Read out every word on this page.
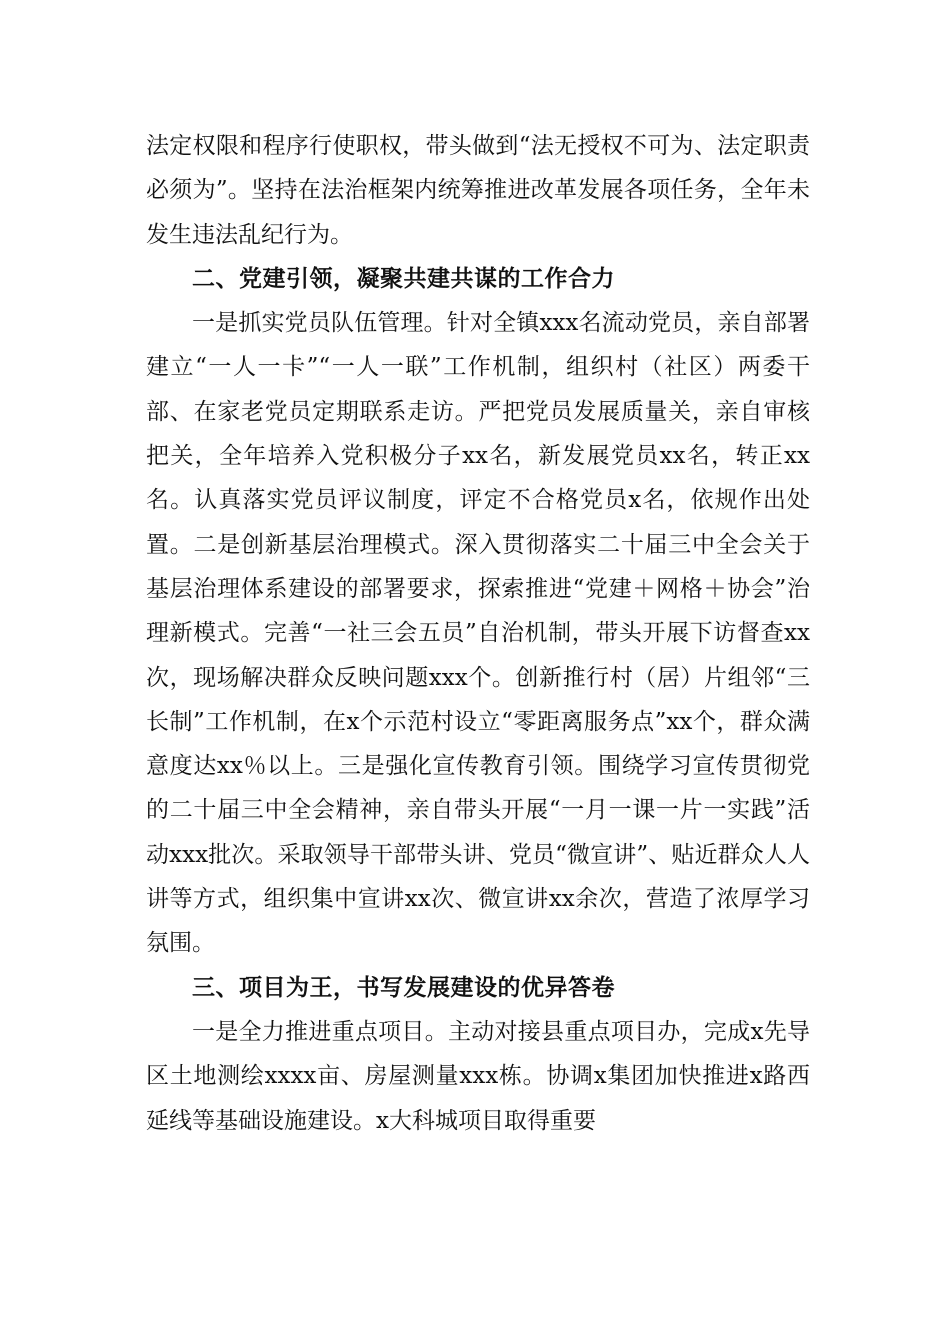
法定权限和程序行使职权，带头做到“法无授权不可为、法定职责必须为”。坚持在法治框架内统筹推进改革发展各项任务，全年未发生违法乱纪行为。

二、党建引领，凝聚共建共谋的工作合力

一是抓实党员队伍管理。针对全镇xxx名流动党员，亲自部署建立“一人一卡”“一人一联”工作机制，组织村（社区）两委干部、在家老党员定期联系走访。严把党员发展质量关，亲自审核把关，全年培养入党积极分子xx名，新发展党员xx名，转正xx名。认真落实党员评议制度，评定不合格党员x名，依规作出处置。二是创新基层治理模式。深入贯彻落实二十届三中全会关于基层治理体系建设的部署要求，探索推进“党建＋网格＋协会”治理新模式。完善“一社三会五员”自治机制，带头开展下访督查xx次，现场解决群众反映问题xxx个。创新推行村（居）片组邻“三长制”工作机制，在x个示范村设立“零距离服务点”xx个，群众满意度达xx％以上。三是强化宣传教育引领。围绕学习宣传贯彻党的二十届三中全会精神，亲自带头开展“一月一课一片一实践”活动xxx批次。采取领导干部带头讲、党员“微宣讲”、贴近群众人人讲等方式，组织集中宣讲xx次、微宣讲xx余次，营造了浓厚学习氛围。

三、项目为王，书写发展建设的优异答卷

一是全力推进重点项目。主动对接县重点项目办，完成x先导区土地测绘xxxx亩、房屋测量xxx栋。协调x集团加快推进x路西延线等基础设施建设。x大科城项目取得重要
